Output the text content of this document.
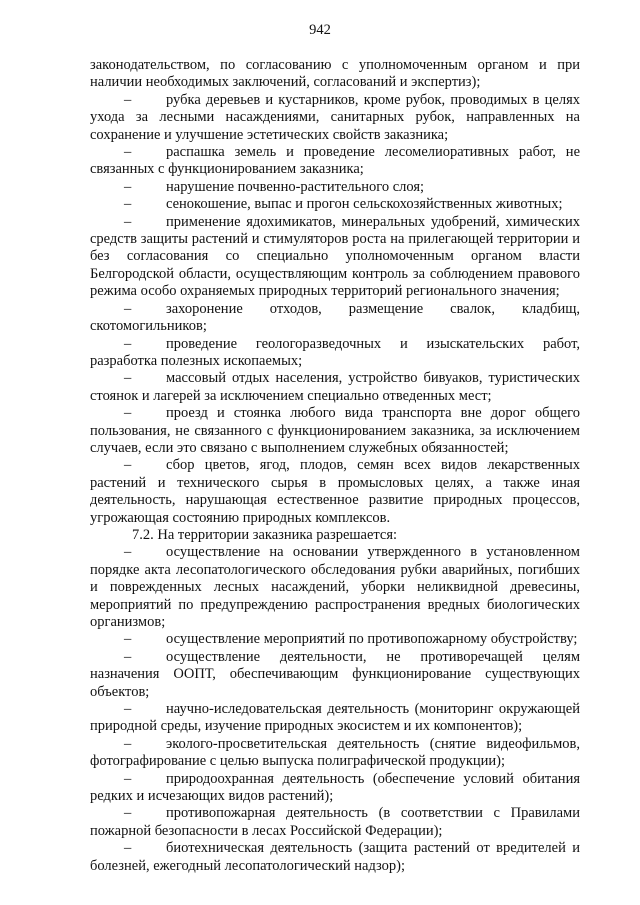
942

законодательством, по согласованию с уполномоченным органом и при наличии необходимых заключений, согласований и экспертиз);

– рубка деревьев и кустарников, кроме рубок, проводимых в целях ухода за лесными насаждениями, санитарных рубок, направленных на сохранение и улучшение эстетических свойств заказника;

– распашка земель и проведение лесомелиоративных работ, не связанных с функционированием заказника;

– нарушение почвенно-растительного слоя;

– сенокошение, выпас и прогон сельскохозяйственных животных;

– применение ядохимикатов, минеральных удобрений, химических средств защиты растений и стимуляторов роста на прилегающей территории и без согласования со специально уполномоченным органом власти Белгородской области, осуществляющим контроль за соблюдением правового режима особо охраняемых природных территорий регионального значения;

– захоронение отходов, размещение свалок, кладбищ, скотомогильников;

– проведение геологоразведочных и изыскательских работ, разработка полезных ископаемых;

– массовый отдых населения, устройство бивуаков, туристических стоянок и лагерей за исключением специально отведенных мест;

– проезд и стоянка любого вида транспорта вне дорог общего пользования, не связанного с функционированием заказника, за исключением случаев, если это связано с выполнением служебных обязанностей;

– сбор цветов, ягод, плодов, семян всех видов лекарственных растений и технического сырья в промысловых целях, а также иная деятельность, нарушающая естественное развитие природных процессов, угрожающая состоянию природных комплексов.

7.2. На территории заказника разрешается:

– осуществление на основании утвержденного в установленном порядке акта лесопатологического обследования рубки аварийных, погибших и поврежденных лесных насаждений, уборки неликвидной древесины, мероприятий по предупреждению распространения вредных биологических организмов;

– осуществление мероприятий по противопожарному обустройству;

– осуществление деятельности, не противоречащей целям назначения ООПТ, обеспечивающим функционирование существующих объектов;

– научно-иследовательская деятельность (мониторинг окружающей природной среды, изучение природных экосистем и их компонентов);

– эколого-просветительская деятельность (снятие видеофильмов, фотографирование с целью выпуска полиграфической продукции);

– природоохранная деятельность (обеспечение условий обитания редких и исчезающих видов растений);

– противопожарная деятельность (в соответствии с Правилами пожарной безопасности в лесах Российской Федерации);

– биотехническая деятельность (защита растений от вредителей и болезней, ежегодный лесопатологический надзор);
